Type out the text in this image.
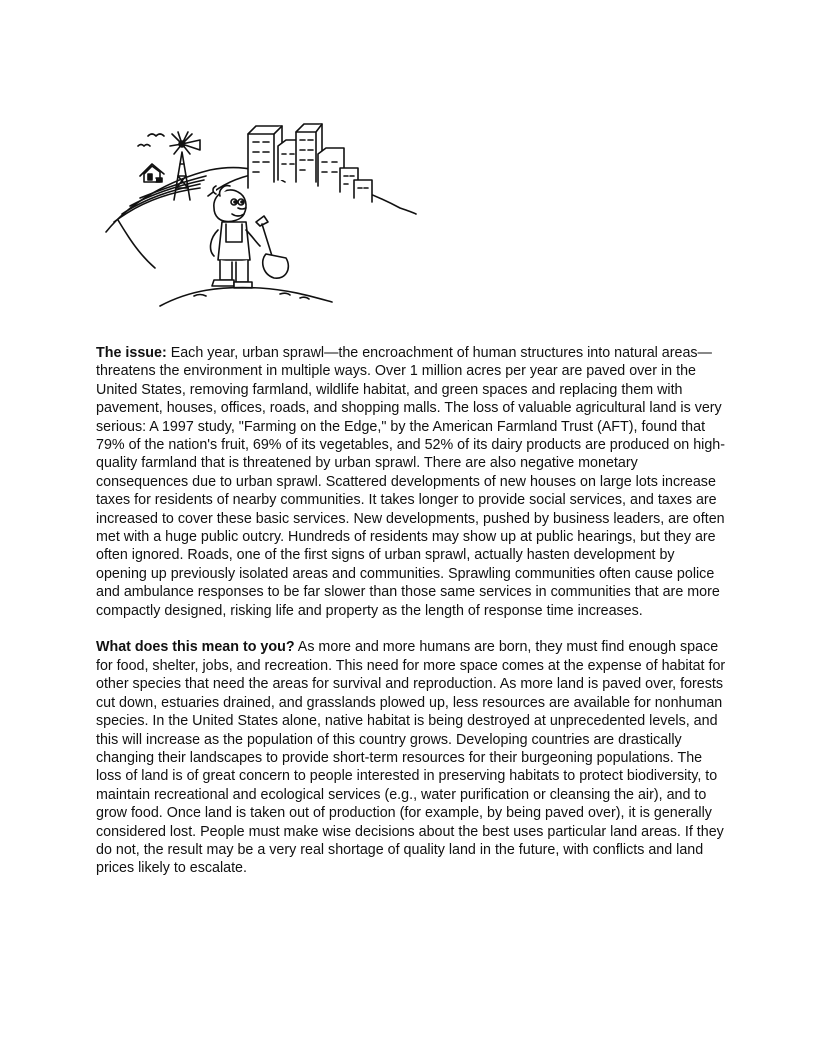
The issue: Each year, urban sprawl—the encroachment of human structures into natural areas—threatens the environment in multiple ways. Over 1 million acres per year are paved over in the United States, removing farmland, wildlife habitat, and green spaces and replacing them with pavement, houses, offices, roads, and shopping malls. The loss of valuable agricultural land is very serious: A 1997 study, "Farming on the Edge," by the American Farmland Trust (AFT), found that 79% of the nation's fruit, 69% of its vegetables, and 52% of its dairy products are produced on high-quality farmland that is threatened by urban sprawl. There are also negative monetary consequences due to urban sprawl. Scattered developments of new houses on large lots increase taxes for residents of nearby communities. It takes longer to provide social services, and taxes are increased to cover these basic services. New developments, pushed by business leaders, are often met with a huge public outcry. Hundreds of residents may show up at public hearings, but they are often ignored. Roads, one of the first signs of urban sprawl, actually hasten development by opening up previously isolated areas and communities. Sprawling communities often cause police and ambulance responses to be far slower than those same services in communities that are more compactly designed, risking life and property as the length of response time increases.

What does this mean to you? As more and more humans are born, they must find enough space for food, shelter, jobs, and recreation. This need for more space comes at the expense of habitat for other species that need the areas for survival and reproduction. As more land is paved over, forests cut down, estuaries drained, and grasslands plowed up, less resources are available for nonhuman species. In the United States alone, native habitat is being destroyed at unprecedented levels, and this will increase as the population of this country grows. Developing countries are drastically changing their landscapes to provide short-term resources for their burgeoning populations. The loss of land is of great concern to people interested in preserving habitats to protect biodiversity, to maintain recreational and ecological services (e.g., water purification or cleansing the air), and to grow food. Once land is taken out of production (for example, by being paved over), it is generally considered lost. People must make wise decisions about the best uses particular land areas. If they do not, the result may be a very real shortage of quality land in the future, with conflicts and land prices likely to escalate.
